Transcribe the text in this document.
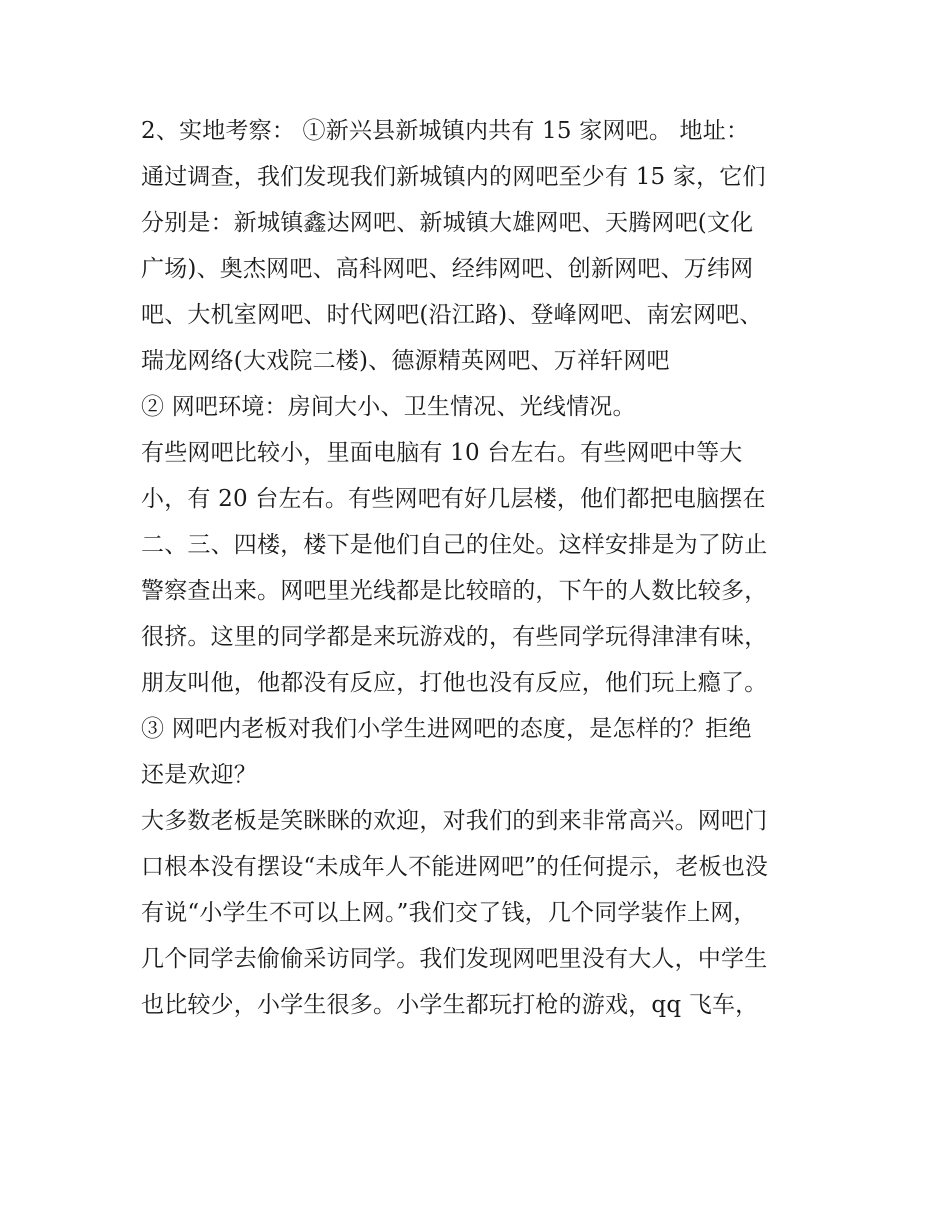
2、实地考察： ①新兴县新城镇内共有 15 家网吧。 地址：
通过调查，我们发现我们新城镇内的网吧至少有 15 家，它们
分别是：新城镇鑫达网吧、新城镇大雄网吧、天腾网吧(文化
广场)、奥杰网吧、高科网吧、经纬网吧、创新网吧、万纬网
吧、大机室网吧、时代网吧(沿江路)、登峰网吧、南宏网吧、
瑞龙网络(大戏院二楼)、德源精英网吧、万祥轩网吧
② 网吧环境：房间大小、卫生情况、光线情况。
有些网吧比较小，里面电脑有 10 台左右。有些网吧中等大
小，有 20 台左右。有些网吧有好几层楼，他们都把电脑摆在
二、三、四楼，楼下是他们自己的住处。这样安排是为了防止
警察查出来。网吧里光线都是比较暗的，下午的人数比较多，
很挤。这里的同学都是来玩游戏的，有些同学玩得津津有味，
朋友叫他，他都没有反应，打他也没有反应，他们玩上瘾了。
③ 网吧内老板对我们小学生进网吧的态度，是怎样的？拒绝
还是欢迎？
大多数老板是笑眯眯的欢迎，对我们的到来非常高兴。网吧门
口根本没有摆设“未成年人不能进网吧”的任何提示，老板也没
有说“小学生不可以上网。”我们交了钱，几个同学装作上网，
几个同学去偷偷采访同学。我们发现网吧里没有大人，中学生
也比较少，小学生很多。小学生都玩打枪的游戏，qq 飞车，
